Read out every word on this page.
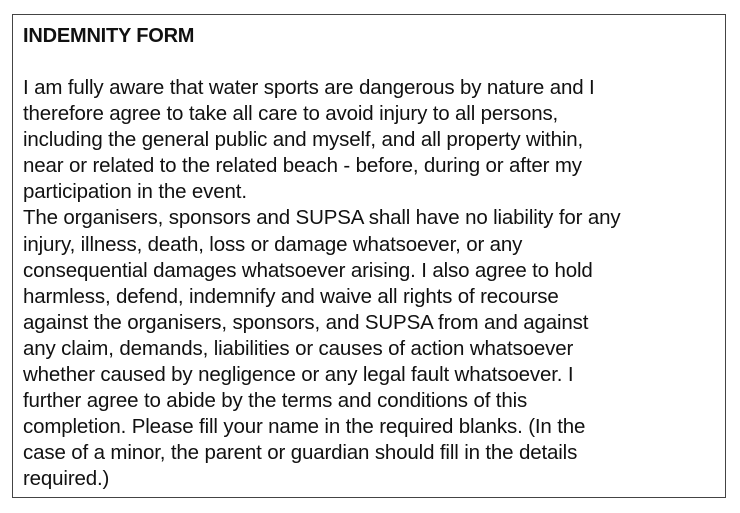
INDEMNITY FORM

I am fully aware that water sports are dangerous by nature and I
therefore agree to take all care to avoid injury to all persons,
including the general public and myself, and all property within,
near or related to the related beach - before, during or after my
participation in the event.

The organisers, sponsors and SUPSA shall have no liability for any
injury, illness, death, loss or damage whatsoever, or any
consequential damages whatsoever arising. I also agree to hold
harmless, defend, indemnify and waive all rights of recourse
against the organisers, sponsors, and SUPSA from and against
any claim, demands, liabilities or causes of action whatsoever
whether caused by negligence or any legal fault whatsoever. I
further agree to abide by the terms and conditions of this
completion. Please fill your name in the required blanks. (In the
case of a minor, the parent or guardian should fill in the details
required.)
